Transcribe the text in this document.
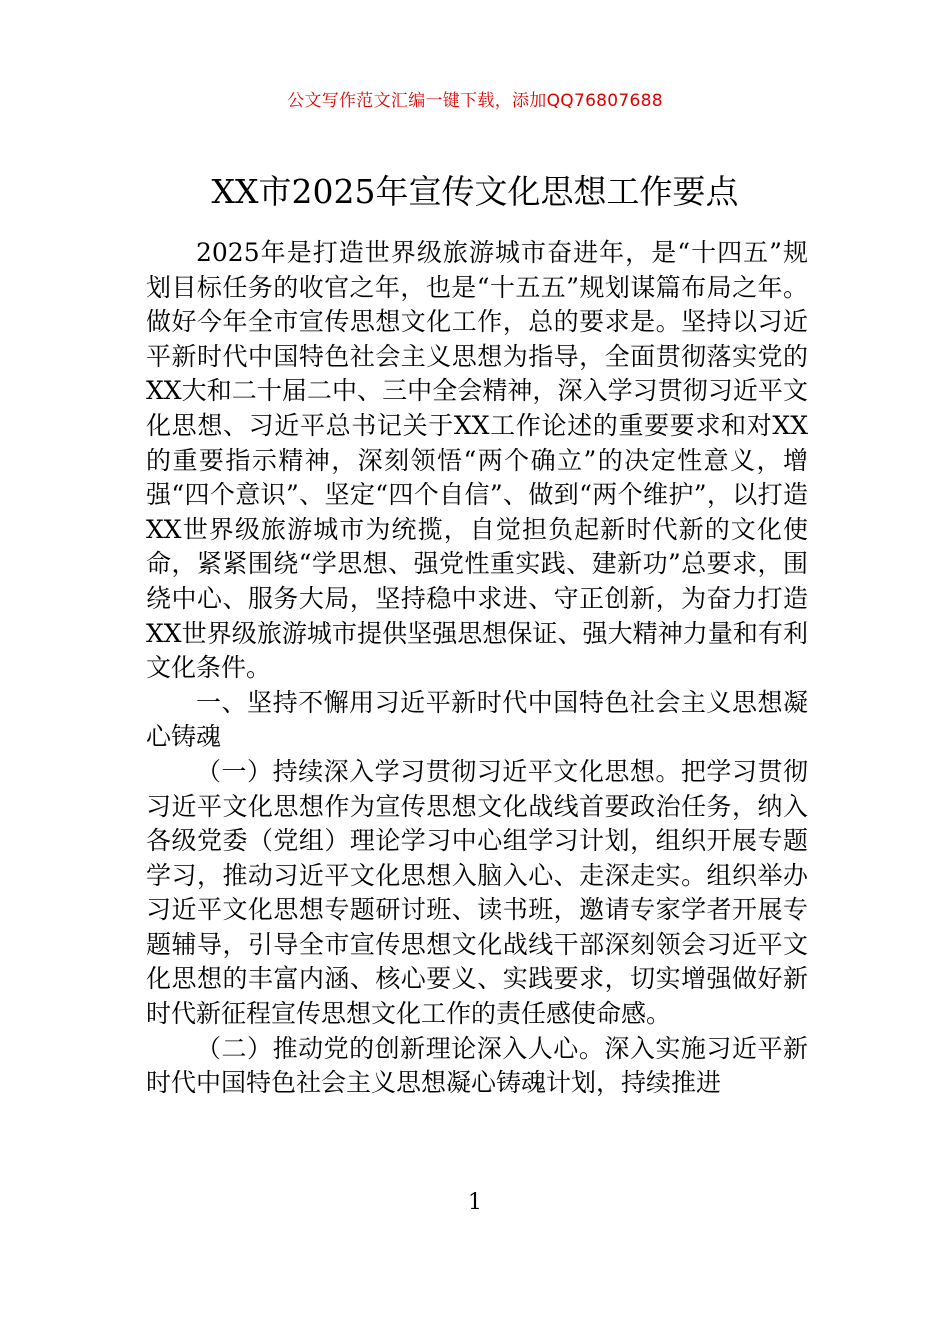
公文写作范文汇编一键下载，添加QQ76807688
XX市2025年宣传文化思想工作要点

2025年是打造世界级旅游城市奋进年，是“十四五”规划目标任务的收官之年，也是“十五五”规划谋篇布局之年。做好今年全市宣传思想文化工作，总的要求是。坚持以习近平新时代中国特色社会主义思想为指导，全面贯彻落实党的XX大和二十届二中、三中全会精神，深入学习贯彻习近平文化思想、习近平总书记关于XX工作论述的重要要求和对XX的重要指示精神，深刻领悟“两个确立”的决定性意义，增强“四个意识”、坚定“四个自信”、做到“两个维护”，以打造XX世界级旅游城市为统揽，自觉担负起新时代新的文化使命，紧紧围绕“学思想、强党性重实践、建新功”总要求，围绕中心、服务大局，坚持稳中求进、守正创新，为奋力打造XX世界级旅游城市提供坚强思想保证、强大精神力量和有利文化条件。

一、坚持不懈用习近平新时代中国特色社会主义思想凝心铸魂

（一）持续深入学习贯彻习近平文化思想。把学习贯彻习近平文化思想作为宣传思想文化战线首要政治任务，纳入各级党委（党组）理论学习中心组学习计划，组织开展专题学习，推动习近平文化思想入脑入心、走深走实。组织举办习近平文化思想专题研讨班、读书班，邀请专家学者开展专题辅导，引导全市宣传思想文化战线干部深刻领会习近平文化思想的丰富内涵、核心要义、实践要求，切实增强做好新时代新征程宣传思想文化工作的责任感使命感。

（二）推动党的创新理论深入人心。深入实施习近平新时代中国特色社会主义思想凝心铸魂计划，持续推进

1
